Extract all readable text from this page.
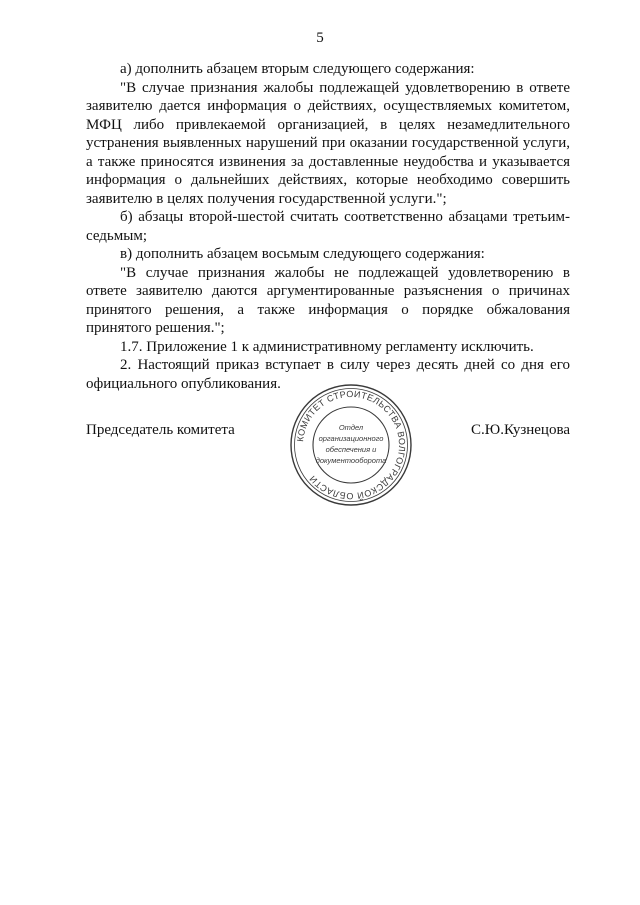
5

а) дополнить абзацем вторым следующего содержания:

"В случае признания жалобы подлежащей удовлетворению в ответе заявителю дается информация о действиях, осуществляемых комитетом, МФЦ либо привлекаемой организацией, в целях незамедлительного устранения выявленных нарушений при оказании государственной услуги, а также приносятся извинения за доставленные неудобства и указывается информация о дальнейших действиях, которые необходимо совершить заявителю в целях получения государственной услуги.";

б) абзацы второй-шестой считать соответственно абзацами третьим-седьмым;

в) дополнить абзацем восьмым следующего содержания:

"В случае признания жалобы не подлежащей удовлетворению в ответе заявителю даются аргументированные разъяснения о причинах принятого решения, а также информация о порядке обжалования принятого решения.";

1.7. Приложение 1 к административному регламенту исключить.

2. Настоящий приказ вступает в силу через десять дней со дня его официального опубликования.

Председатель комитета	С.Ю.Кузнецова
КОМИТЕТ СТРОИТЕЛЬСТВА ВОЛГОГРАДСКОЙ ОБЛАСТИ
Отдел
организационного
обеспечения и
документооборота
